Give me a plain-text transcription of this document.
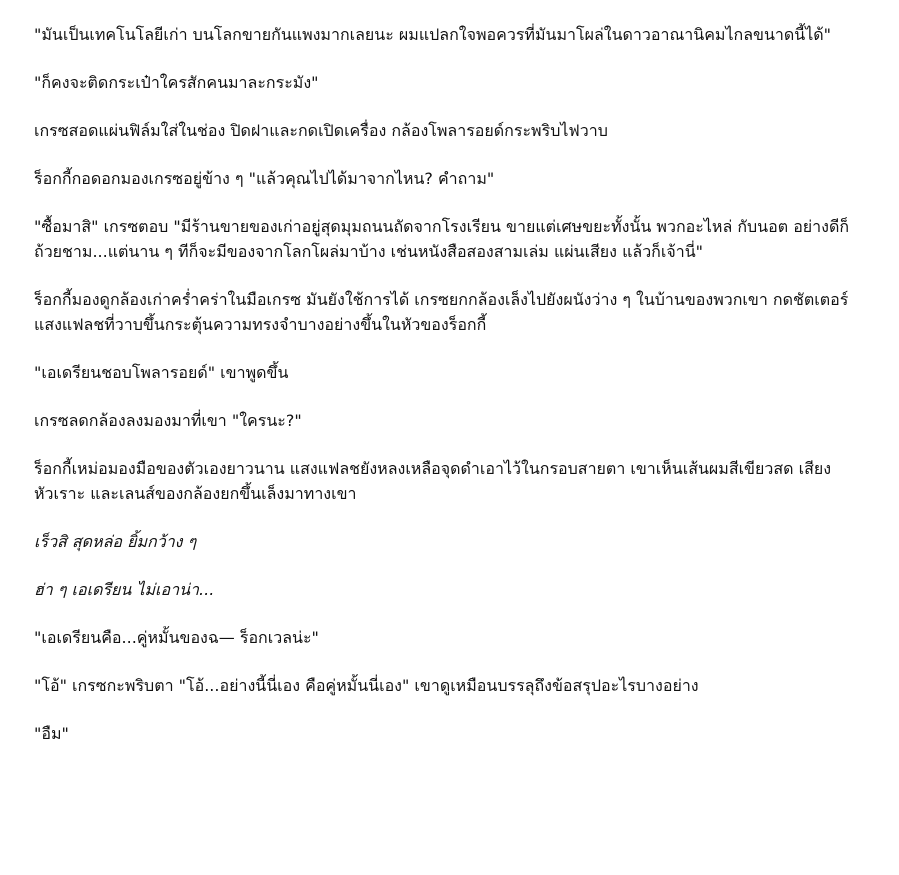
"มันเป็นเทคโนโลยีเก่า บนโลกขายกันแพงมากเลยนะ ผมแปลกใจพอควรที่มันมาโผล่ในดาวอาณานิคมไกลขนาดนี้ได้"

"ก็คงจะติดกระเป๋าใครสักคนมาละกระมัง"

เกรซสอดแผ่นฟิล์มใส่ในช่อง ปิดฝาและกดเปิดเครื่อง กล้องโพลารอยด์กระพริบไฟวาบ

ร็อกกี้กอดอกมองเกรซอยู่ข้าง ๆ "แล้วคุณไปได้มาจากไหน? คำถาม"

"ซื้อมาสิ" เกรซตอบ "มีร้านขายของเก่าอยู่สุดมุมถนนถัดจากโรงเรียน ขายแต่เศษขยะทั้งนั้น พวกอะไหล่ กับนอต อย่างดีก็ถ้วยชาม...แต่นาน ๆ ทีก็จะมีของจากโลกโผล่มาบ้าง เช่นหนังสือสองสามเล่ม แผ่นเสียง แล้วก็เจ้านี่"

ร็อกกี้มองดูกล้องเก่าคร่ำคร่าในมือเกรซ มันยังใช้การได้ เกรซยกกล้องเล็งไปยังผนังว่าง ๆ ในบ้านของพวกเขา กดชัตเตอร์ แสงแฟลชที่วาบขึ้นกระตุ้นความทรงจำบางอย่างขึ้นในหัวของร็อกกี้

"เอเดรียนชอบโพลารอยด์" เขาพูดขึ้น

เกรซลดกล้องลงมองมาที่เขา "ใครนะ?"

ร็อกกี้เหม่อมองมือของตัวเองยาวนาน แสงแฟลชยังหลงเหลือจุดดำเอาไว้ในกรอบสายตา เขาเห็นเส้นผมสีเขียวสด เสียงหัวเราะ และเลนส์ของกล้องยกขึ้นเล็งมาทางเขา

เร็วสิ สุดหล่อ ยิ้มกว้าง ๆ

ฮ่า ๆ เอเดรียน ไม่เอาน่า...

"เอเดรียนคือ...คู่หมั้นของฉ— ร็อกเวลน่ะ"

"โอ้" เกรซกะพริบตา "โอ้...อย่างนี้นี่เอง คือคู่หมั้นนี่เอง" เขาดูเหมือนบรรลุถึงข้อสรุปอะไรบางอย่าง

"อืม"
